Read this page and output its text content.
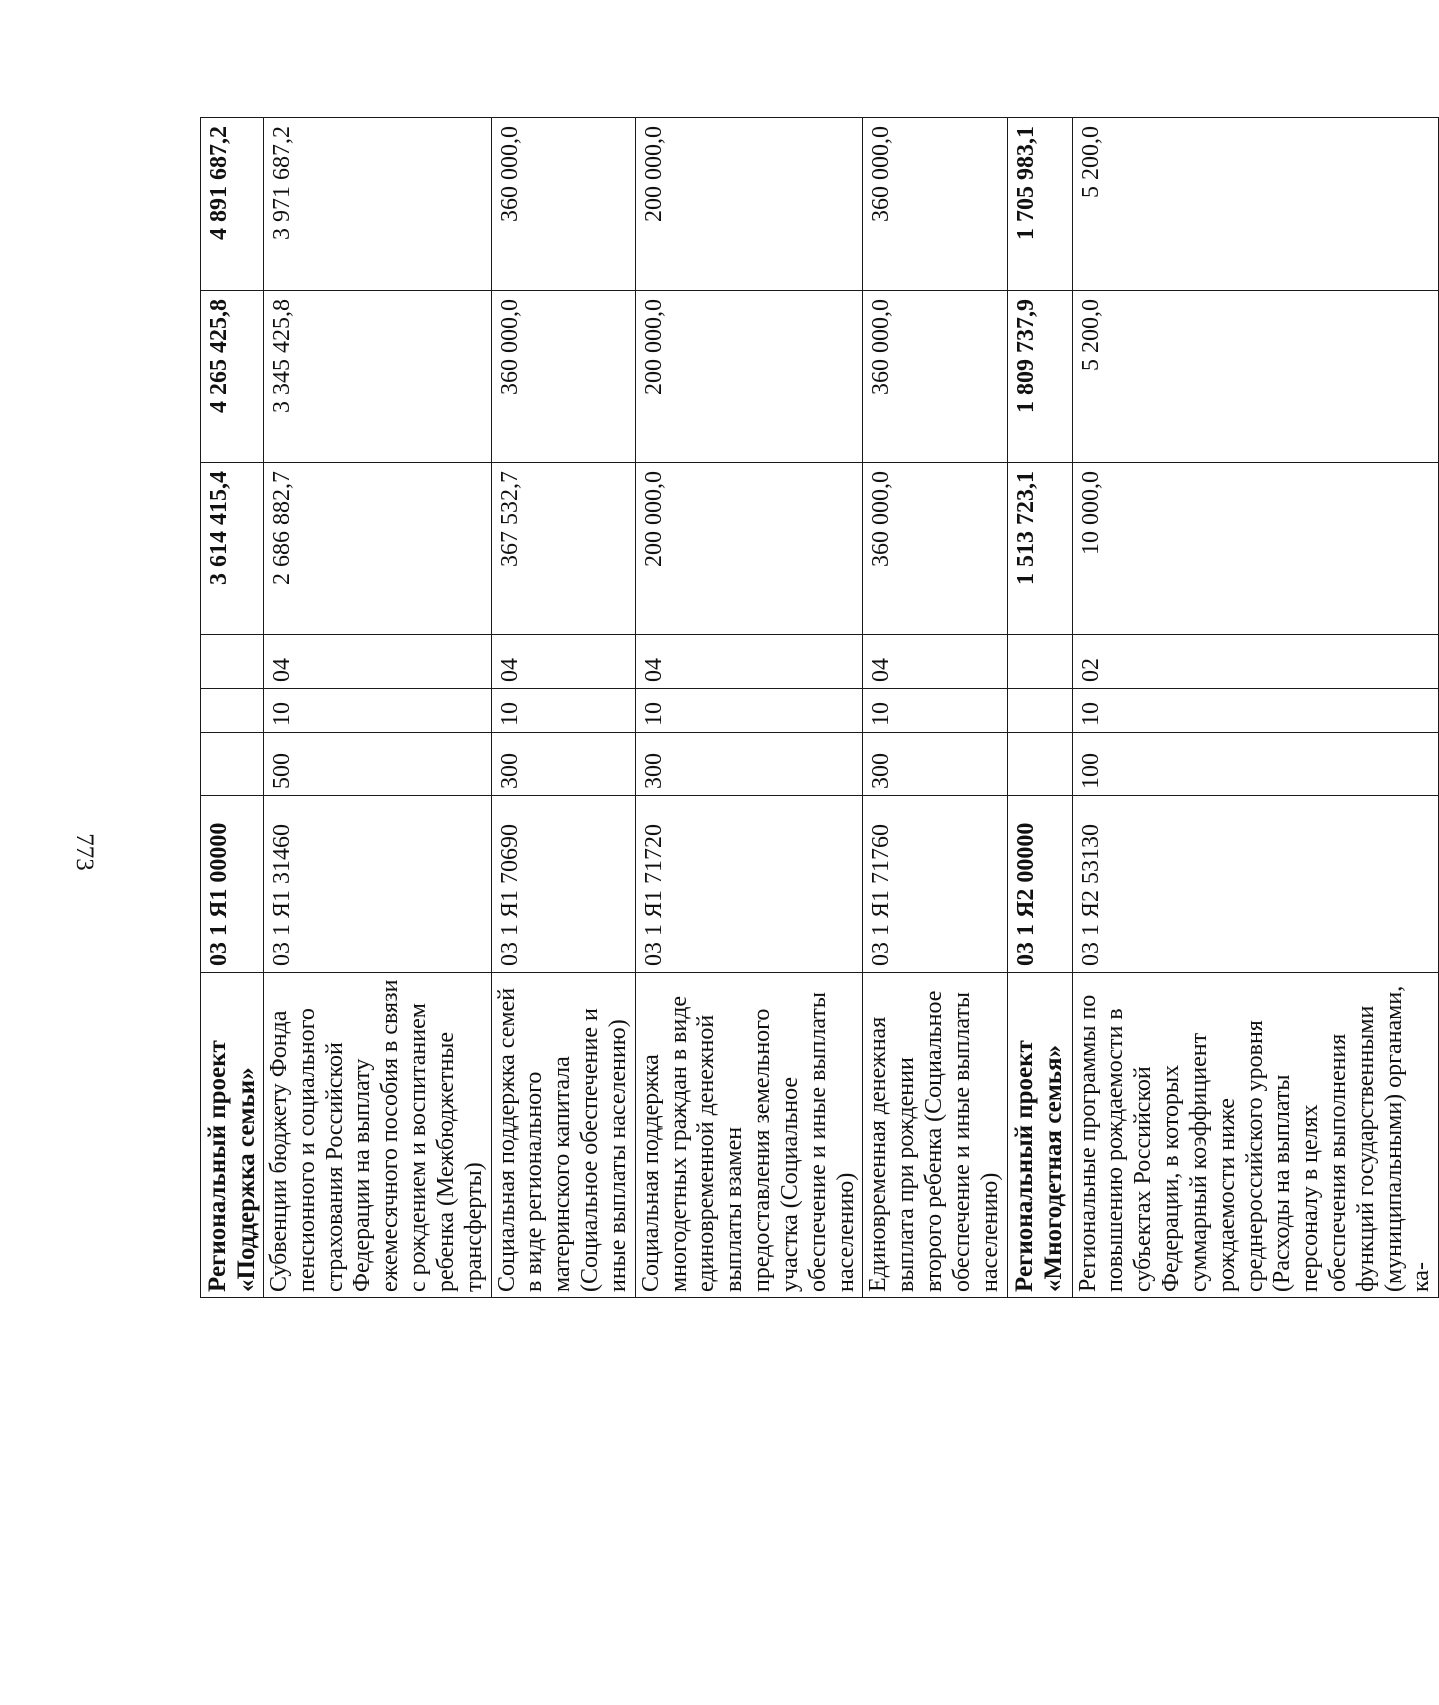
773
Региональный проект «Поддержка семьи»	03 1 Я1 00000				3 614 415,4	4 265 425,8	4 891 687,2
Субвенции бюджету Фонда пенсионного и социального страхования Российской Федерации на выплату ежемесячного пособия в связи с рождением и воспитанием ребенка (Межбюджетные трансферты)	03 1 Я1 31460	500	10	04	2 686 882,7	3 345 425,8	3 971 687,2
Социальная поддержка семей в виде регионального материнского капитала (Социальное обеспечение и иные выплаты населению)	03 1 Я1 70690	300	10	04	367 532,7	360 000,0	360 000,0
Социальная поддержка многодетных граждан в виде единовременной денежной выплаты взамен предоставления земельного участка (Социальное обеспечение и иные выплаты населению)	03 1 Я1 71720	300	10	04	200 000,0	200 000,0	200 000,0
Единовременная денежная выплата при рождении второго ребенка (Социальное обеспечение и иные выплаты населению)	03 1 Я1 71760	300	10	04	360 000,0	360 000,0	360 000,0
Региональный проект «Многодетная семья»	03 1 Я2 00000				1 513 723,1	1 809 737,9	1 705 983,1
Региональные программы по повышению рождаемости в субъектах Российской Федерации, в которых суммарный коэффициент рождаемости ниже среднероссийского уровня (Расходы на выплаты персоналу в целях обеспечения выполнения функций государственными (муниципальными) органами, ка-	03 1 Я2 53130	100	10	02	10 000,0	5 200,0	5 200,0
